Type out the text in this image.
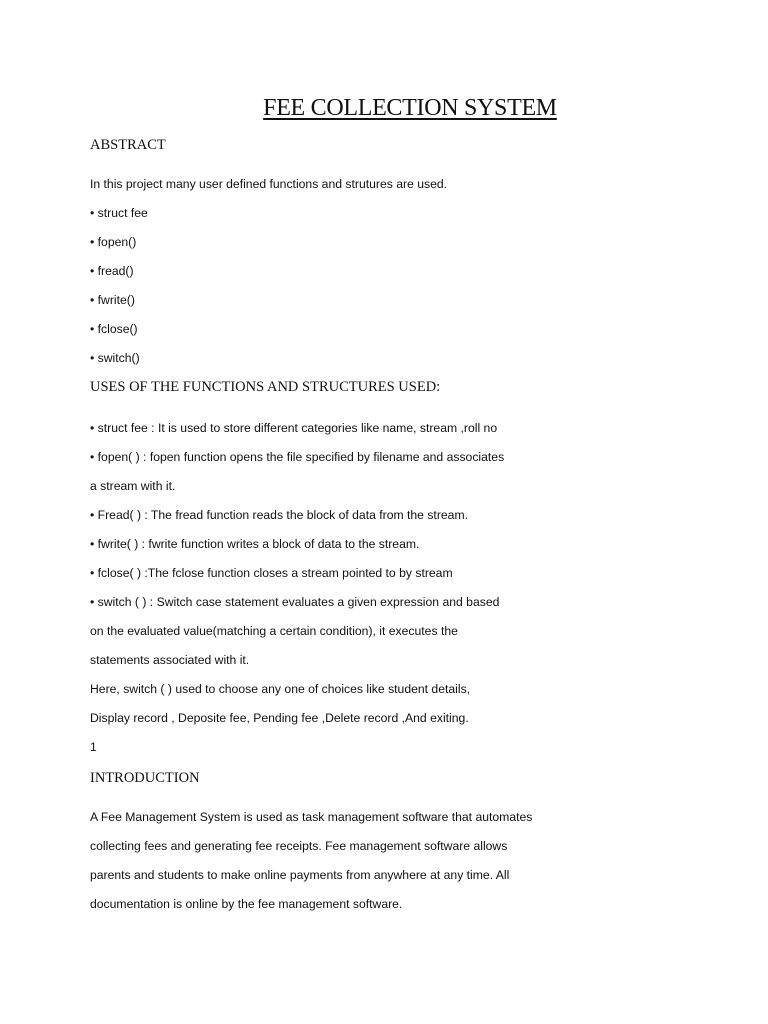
FEE COLLECTION SYSTEM
ABSTRACT
In this project many user defined functions and strutures are used.
• struct fee
• fopen()
• fread()
• fwrite()
• fclose()
• switch()
USES OF THE FUNCTIONS AND STRUCTURES USED:
• struct fee : It is used to store different categories like name, stream ,roll no
• fopen( ) : fopen function opens the file specified by filename and associates
a stream with it.
• Fread( ) : The fread function reads the block of data from the stream.
• fwrite( ) : fwrite function writes a block of data to the stream.
• fclose( ) :The fclose function closes a stream pointed to by stream
• switch ( ) : Switch case statement evaluates a given expression and based
on the evaluated value(matching a certain condition), it executes the
statements associated with it.
Here, switch ( ) used to choose any one of choices like student details,
Display record , Deposite fee, Pending fee ,Delete record ,And exiting.
1
INTRODUCTION
A Fee Management System is used as task management software that automates
collecting fees and generating fee receipts. Fee management software allows
parents and students to make online payments from anywhere at any time. All
documentation is online by the fee management software.
